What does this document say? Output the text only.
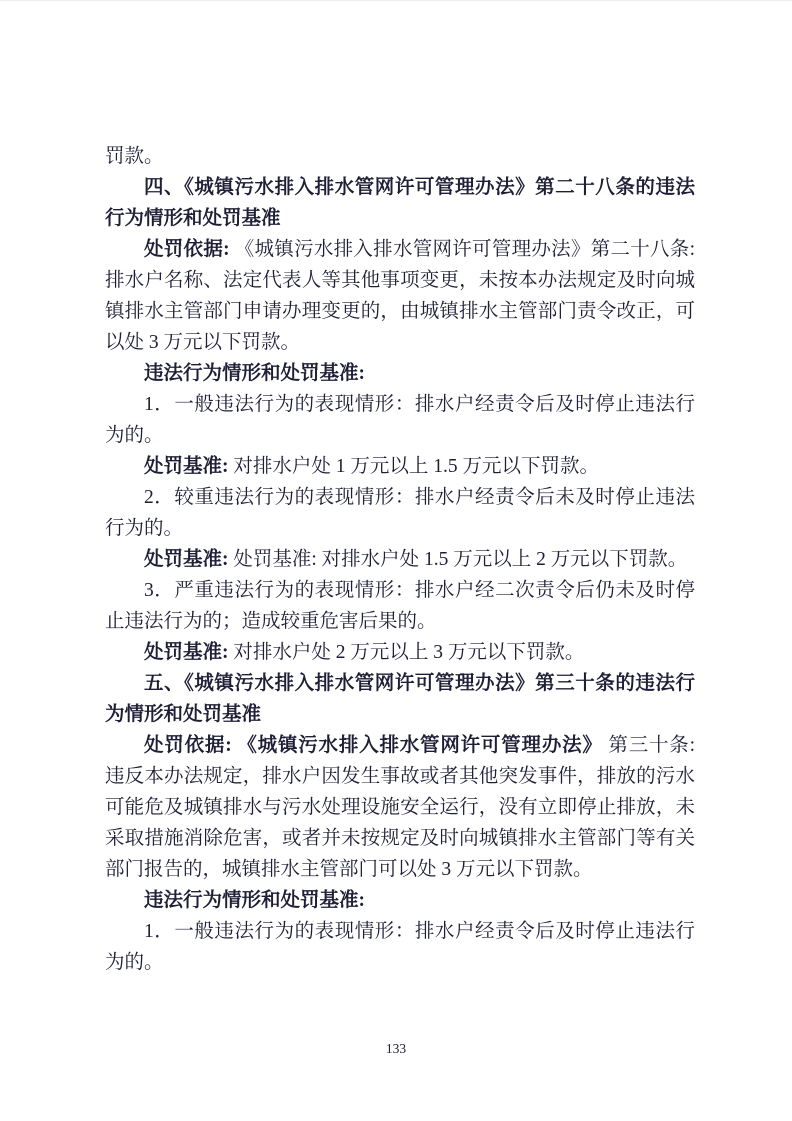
罚款。

四、《城镇污水排入排水管网许可管理办法》第二十八条的违法行为情形和处罚基准

处罚依据: 《城镇污水排入排水管网许可管理办法》第二十八条: 排水户名称、法定代表人等其他事项变更，未按本办法规定及时向城镇排水主管部门申请办理变更的，由城镇排水主管部门责令改正，可以处 3 万元以下罚款。

违法行为情形和处罚基准:

1．一般违法行为的表现情形：排水户经责令后及时停止违法行为的。

处罚基准: 对排水户处 1 万元以上 1.5 万元以下罚款。

2．较重违法行为的表现情形：排水户经责令后未及时停止违法行为的。

处罚基准: 处罚基准: 对排水户处 1.5 万元以上 2 万元以下罚款。

3．严重违法行为的表现情形：排水户经二次责令后仍未及时停止违法行为的；造成较重危害后果的。

处罚基准: 对排水户处 2 万元以上 3 万元以下罚款。

五、《城镇污水排入排水管网许可管理办法》第三十条的违法行为情形和处罚基准

处罚依据: 《城镇污水排入排水管网许可管理办法》 第三十条: 违反本办法规定，排水户因发生事故或者其他突发事件，排放的污水可能危及城镇排水与污水处理设施安全运行，没有立即停止排放，未采取措施消除危害，或者并未按规定及时向城镇排水主管部门等有关部门报告的，城镇排水主管部门可以处 3 万元以下罚款。

违法行为情形和处罚基准:

1．一般违法行为的表现情形：排水户经责令后及时停止违法行为的。

133
